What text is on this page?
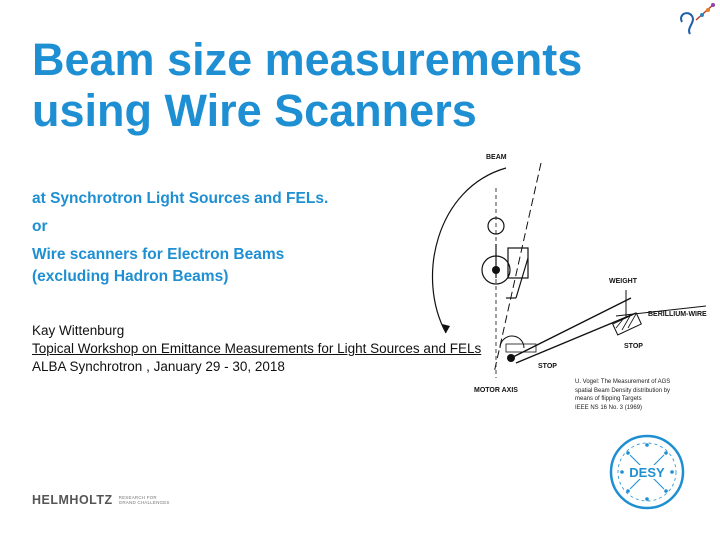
Beam size measurements
using Wire Scanners

at Synchrotron Light Sources and FELs.

or

Wire scanners for Electron Beams
(excluding Hadron Beams)

Kay Wittenburg
Topical Workshop on Emittance Measurements for Light Sources and FELs
ALBA Synchrotron , January 29 - 30, 2018
BEAM
WEIGHT
BERILLIUM-WIRE
STOP
STOP
MOTOR AXIS
U. Vogel: The Measurement of AGS
spatial Beam Density distribution by
means of flipping Targets
IEEE NS 16 No. 3 (1969)
DESY
HELMHOLTZ RESEARCH FOR
GRAND CHALLENGES
